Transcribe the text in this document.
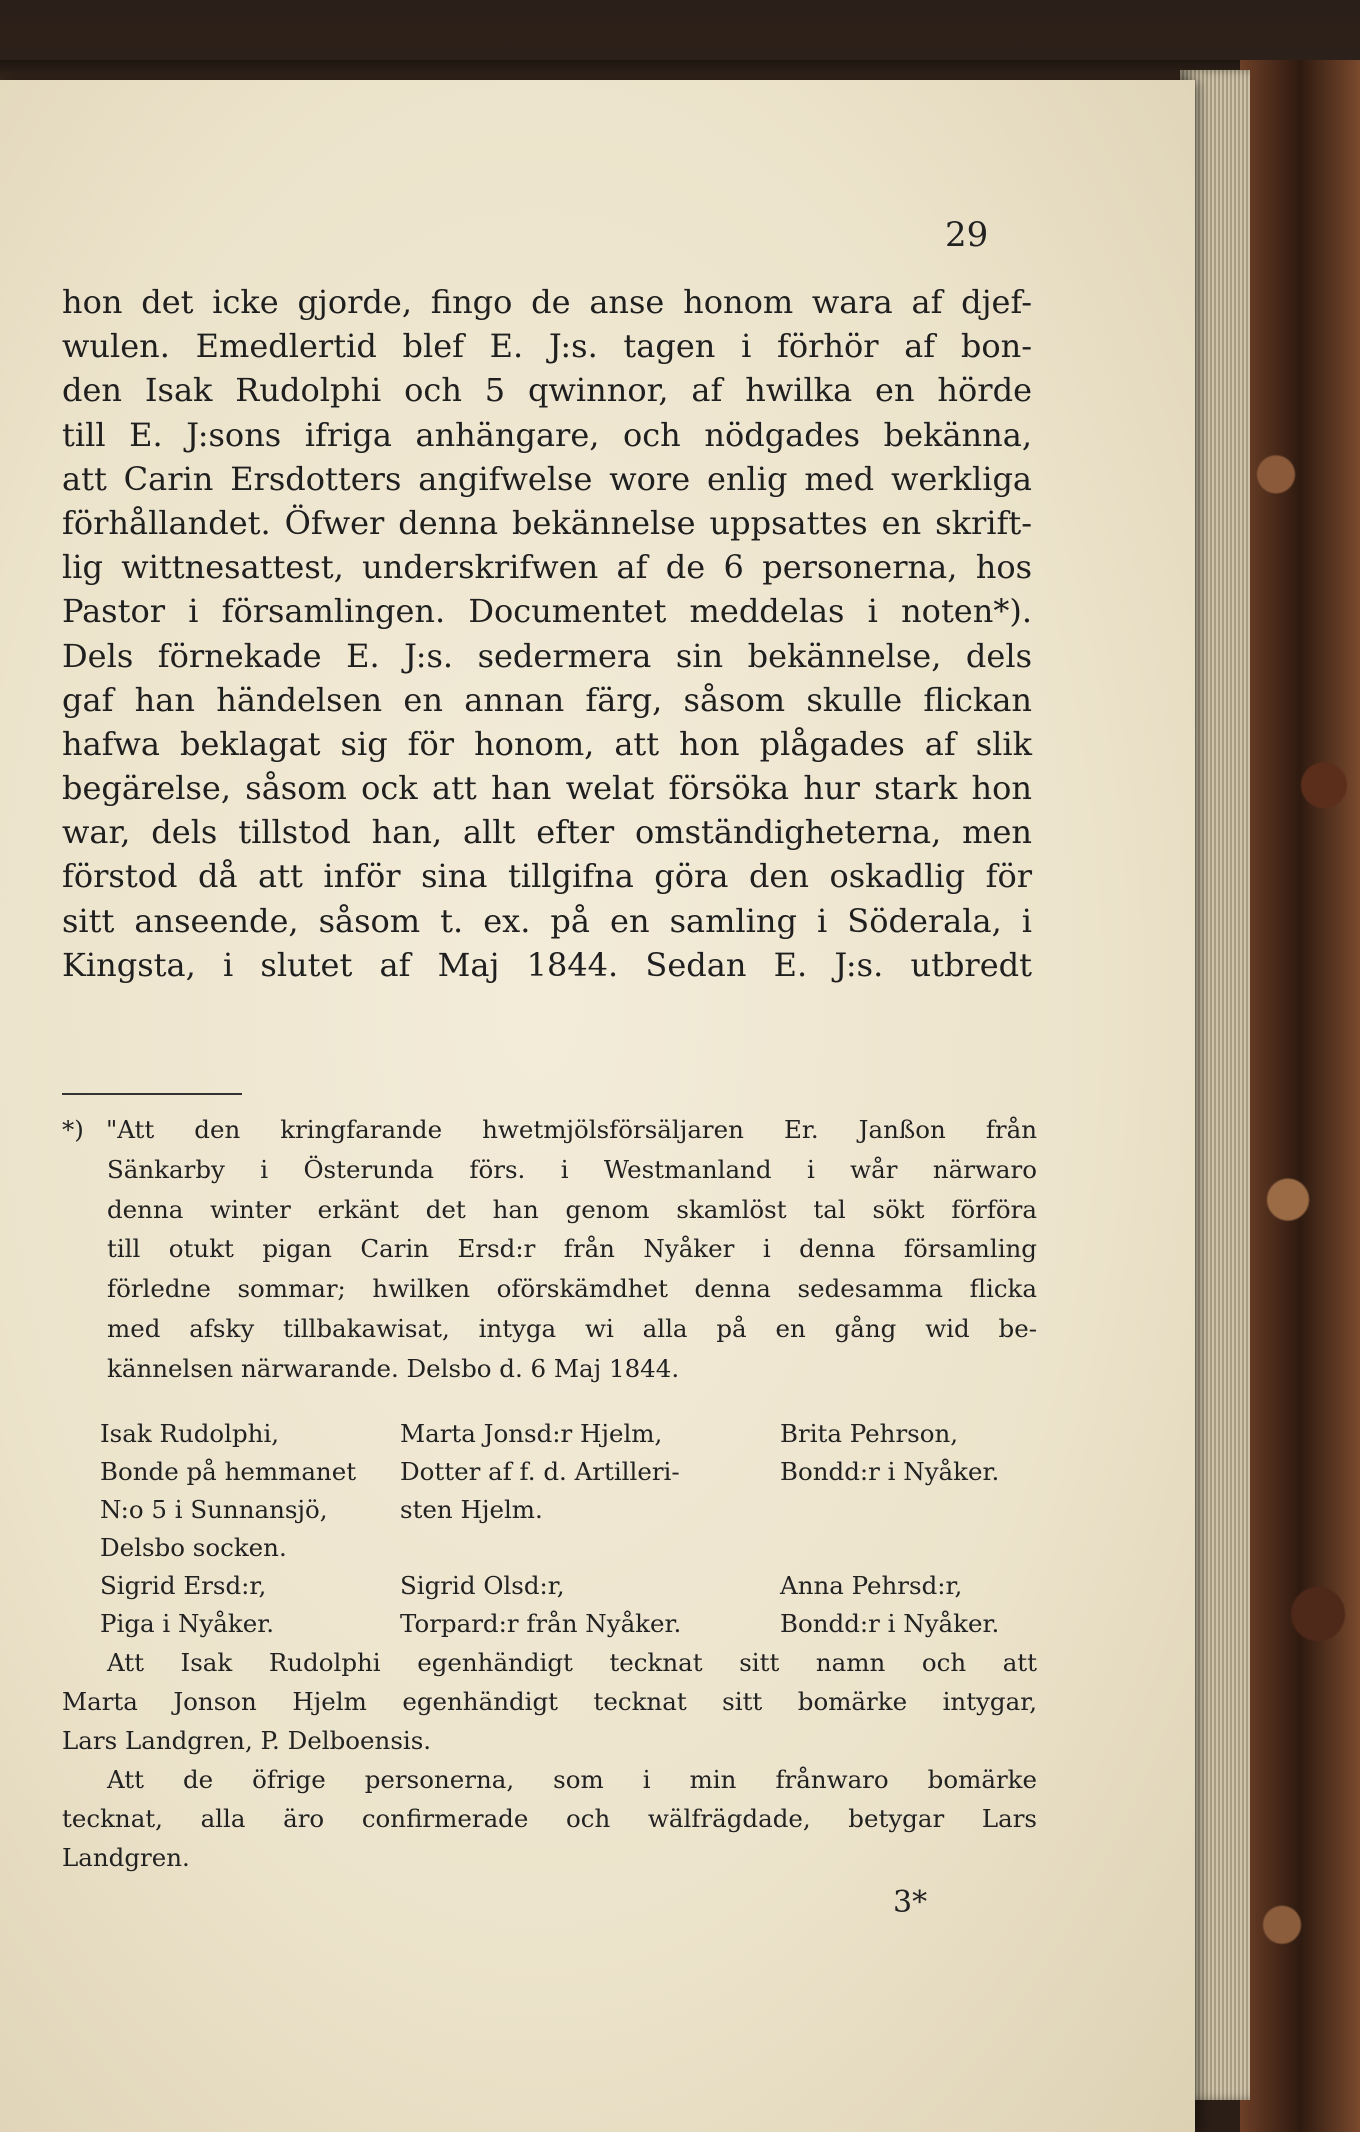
29
hon det icke gjorde, fingo de anse honom wara af djef-
wulen. Emedlertid blef E. J:s. tagen i förhör af bon-
den Isak Rudolphi och 5 qwinnor, af hwilka en hörde
till E. J:sons ifriga anhängare, och nödgades bekänna,
att Carin Ersdotters angifwelse wore enlig med werkliga
förhållandet. Öfwer denna bekännelse uppsattes en skrift-
lig wittnesattest, underskrifwen af de 6 personerna, hos
Pastor i församlingen. Documentet meddelas i noten*).
Dels förnekade E. J:s. sedermera sin bekännelse, dels
gaf han händelsen en annan färg, såsom skulle flickan
hafwa beklagat sig för honom, att hon plågades af slik
begärelse, såsom ock att han welat försöka hur stark hon
war, dels tillstod han, allt efter omständigheterna, men
förstod då att inför sina tillgifna göra den oskadlig för
sitt anseende, såsom t. ex. på en samling i Söderala, i
Kingsta, i slutet af Maj 1844. Sedan E. J:s. utbredt
*) "Att den kringfarande hwetmjölsförsäljaren Er. Janßon från
Sänkarby i Österunda förs. i Westmanland i wår närwaro
denna winter erkänt det han genom skamlöst tal sökt förföra
till otukt pigan Carin Ersd:r från Nyåker i denna församling
förledne sommar; hwilken oförskämdhet denna sedesamma flicka
med afsky tillbakawisat, intyga wi alla på en gång wid be-
kännelsen närwarande. Delsbo d. 6 Maj 1844.
Isak Rudolphi,	Marta Jonsd:r Hjelm,	Brita Pehrson,
Bonde på hemmanet	Dotter af f. d. Artilleri-	Bondd:r i Nyåker.
N:o 5 i Sunnansjö,	sten Hjelm.
Delsbo socken.
Sigrid Ersd:r,	Sigrid Olsd:r,	Anna Pehrsd:r,
Piga i Nyåker.	Torpard:r från Nyåker.	Bondd:r i Nyåker.
Att Isak Rudolphi egenhändigt tecknat sitt namn och att
Marta Jonson Hjelm egenhändigt tecknat sitt bomärke intygar,
Lars Landgren, P. Delboensis.
Att de öfrige personerna, som i min frånwaro bomärke
tecknat, alla äro confirmerade och wälfrägdade, betygar Lars
Landgren.
3*
